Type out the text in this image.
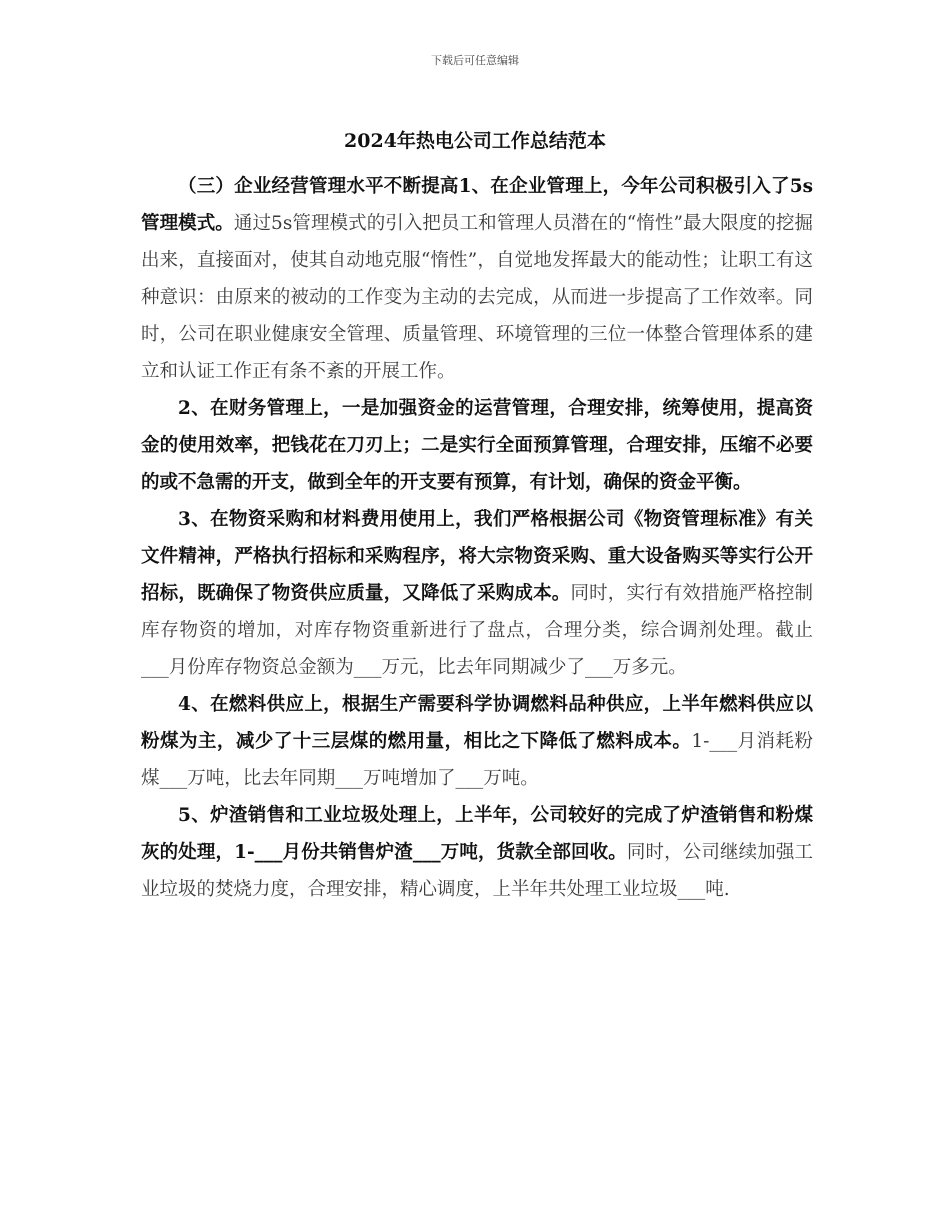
下载后可任意编辑
2024年热电公司工作总结范本

（三）企业经营管理水平不断提高1、在企业管理上，今年公司积极引入了5s管理模式。通过5s管理模式的引入把员工和管理人员潜在的“惰性”最大限度的挖掘出来，直接面对，使其自动地克服“惰性”，自觉地发挥最大的能动性；让职工有这种意识：由原来的被动的工作变为主动的去完成，从而进一步提高了工作效率。同时，公司在职业健康安全管理、质量管理、环境管理的三位一体整合管理体系的建立和认证工作正有条不紊的开展工作。

2、在财务管理上，一是加强资金的运营管理，合理安排，统筹使用，提高资金的使用效率，把钱花在刀刃上；二是实行全面预算管理，合理安排，压缩不必要的或不急需的开支，做到全年的开支要有预算，有计划，确保的资金平衡。

3、在物资采购和材料费用使用上，我们严格根据公司《物资管理标准》有关文件精神，严格执行招标和采购程序，将大宗物资采购、重大设备购买等实行公开招标，既确保了物资供应质量，又降低了采购成本。同时，实行有效措施严格控制库存物资的增加，对库存物资重新进行了盘点，合理分类，综合调剂处理。截止___月份库存物资总金额为___万元，比去年同期减少了___万多元。

4、在燃料供应上，根据生产需要科学协调燃料品种供应，上半年燃料供应以粉煤为主，减少了十三层煤的燃用量，相比之下降低了燃料成本。1-___月消耗粉煤___万吨，比去年同期___万吨增加了___万吨。

5、炉渣销售和工业垃圾处理上，上半年，公司较好的完成了炉渣销售和粉煤灰的处理，1-___月份共销售炉渣___万吨，货款全部回收。同时，公司继续加强工业垃圾的焚烧力度，合理安排，精心调度，上半年共处理工业垃圾___吨.
